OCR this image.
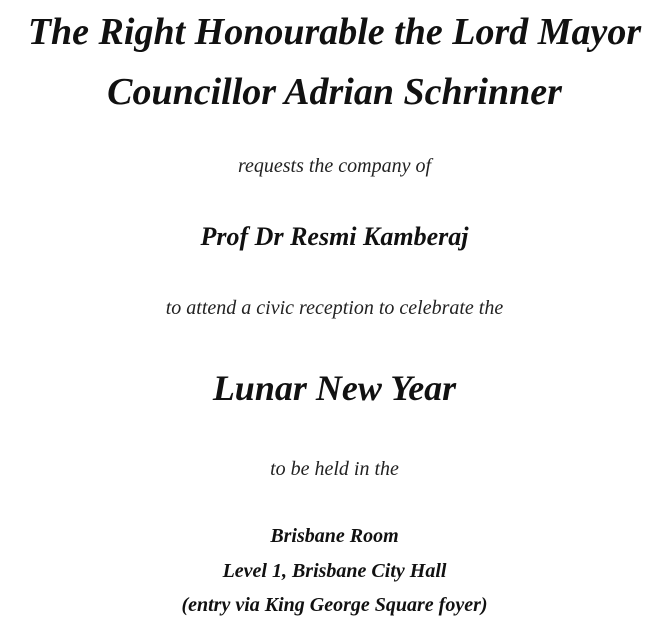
The Right Honourable the Lord Mayor
Councillor Adrian Schrinner
requests the company of
Prof Dr Resmi Kamberaj
to attend a civic reception to celebrate the
Lunar New Year
to be held in the
Brisbane Room
Level 1, Brisbane City Hall
(entry via King George Square foyer)
